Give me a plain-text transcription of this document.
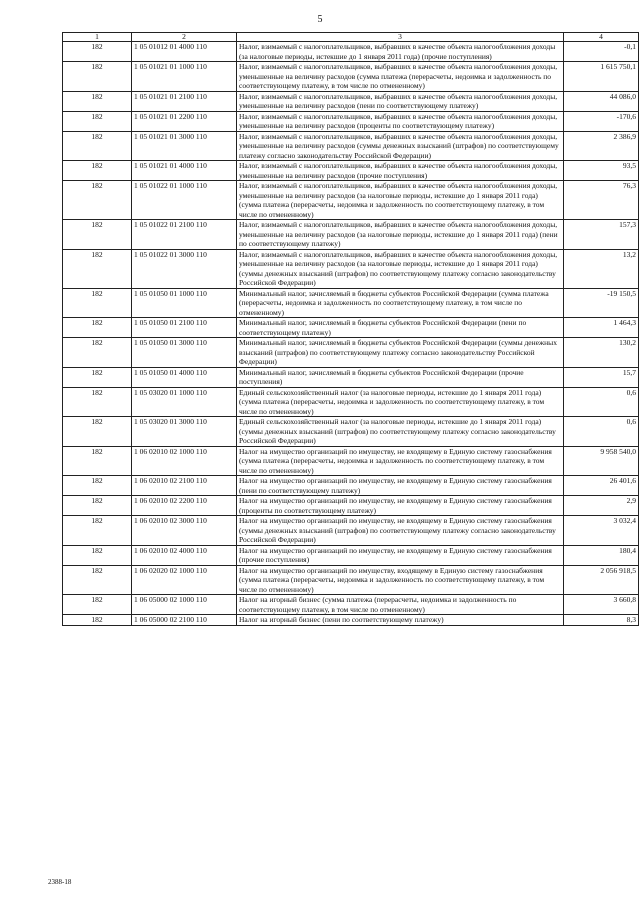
5
1	2	3	4
182	1 05 01012 01 4000 110	Налог, взимаемый с налогоплательщиков, выбравших в качестве объекта налогообложения доходы (за налоговые периоды, истекшие до 1 января 2011 года) (прочие поступления)	-0,1
182	1 05 01021 01 1000 110	Налог, взимаемый с налогоплательщиков, выбравших в качестве объекта налогообложения доходы, уменьшенные на величину расходов (сумма платежа (перерасчеты, недоимка и задолженность по соответствующему платежу, в том числе по отмененному)	1 615 750,1
182	1 05 01021 01 2100 110	Налог, взимаемый с налогоплательщиков, выбравших в качестве объекта налогообложения доходы, уменьшенные на величину расходов (пени по соответствующему платежу)	44 086,0
182	1 05 01021 01 2200 110	Налог, взимаемый с налогоплательщиков, выбравших в качестве объекта налогообложения доходы, уменьшенные на величину расходов (проценты по соответствующему платежу)	-170,6
182	1 05 01021 01 3000 110	Налог, взимаемый с налогоплательщиков, выбравших в качестве объекта налогообложения доходы, уменьшенные на величину расходов (суммы денежных взысканий (штрафов) по соответствующему платежу согласно законодательству Российской Федерации)	2 386,9
182	1 05 01021 01 4000 110	Налог, взимаемый с налогоплательщиков, выбравших в качестве объекта налогообложения доходы, уменьшенные на величину расходов (прочие поступления)	93,5
182	1 05 01022 01 1000 110	Налог, взимаемый с налогоплательщиков, выбравших в качестве объекта налогообложения доходы, уменьшенные на величину расходов (за налоговые периоды, истекшие до 1 января 2011 года) (сумма платежа (перерасчеты, недоимка и задолженность по соответствующему платежу, в том числе по отмененному)	76,3
182	1 05 01022 01 2100 110	Налог, взимаемый с налогоплательщиков, выбравших в качестве объекта налогообложения доходы, уменьшенные на величину расходов (за налоговые периоды, истекшие до 1 января 2011 года) (пени по соответствующему платежу)	157,3
182	1 05 01022 01 3000 110	Налог, взимаемый с налогоплательщиков, выбравших в качестве объекта налогообложения доходы, уменьшенные на величину расходов (за налоговые периоды, истекшие до 1 января 2011 года) (суммы денежных взысканий (штрафов) по соответствующему платежу согласно законодательству Российской Федерации)	13,2
182	1 05 01050 01 1000 110	Минимальный налог, зачисляемый в бюджеты субъектов Российской Федерации (сумма платежа (перерасчеты, недоимка и задолженность по соответствующему платежу, в том числе по отмененному)	-19 150,5
182	1 05 01050 01 2100 110	Минимальный налог, зачисляемый в бюджеты субъектов Российской Федерации (пени по соответствующему платежу)	1 464,3
182	1 05 01050 01 3000 110	Минимальный налог, зачисляемый в бюджеты субъектов Российской Федерации (суммы денежных взысканий (штрафов) по соответствующему платежу согласно законодательству Российской Федерации)	130,2
182	1 05 01050 01 4000 110	Минимальный налог, зачисляемый в бюджеты субъектов Российской Федерации (прочие поступления)	15,7
182	1 05 03020 01 1000 110	Единый сельскохозяйственный налог (за налоговые периоды, истекшие до 1 января 2011 года) (сумма платежа (перерасчеты, недоимка и задолженность по соответствующему платежу, в том числе по отмененному)	0,6
182	1 05 03020 01 3000 110	Единый сельскохозяйственный налог (за налоговые периоды, истекшие до 1 января 2011 года) (суммы денежных взысканий (штрафов) по соответствующему платежу согласно законодательству Российской Федерации)	0,6
182	1 06 02010 02 1000 110	Налог на имущество организаций по имуществу, не входящему в Единую систему газоснабжения (сумма платежа (перерасчеты, недоимка и задолженность по соответствующему платежу, в том числе по отмененному)	9 958 540,0
182	1 06 02010 02 2100 110	Налог на имущество организаций по имуществу, не входящему в Единую систему газоснабжения (пени по соответствующему платежу)	26 401,6
182	1 06 02010 02 2200 110	Налог на имущество организаций по имуществу, не входящему в Единую систему газоснабжения (проценты по соответствующему платежу)	2,9
182	1 06 02010 02 3000 110	Налог на имущество организаций по имуществу, не входящему в Единую систему газоснабжения (суммы денежных взысканий (штрафов) по соответствующему платежу согласно законодательству Российской Федерации)	3 032,4
182	1 06 02010 02 4000 110	Налог на имущество организаций по имуществу, не входящему в Единую систему газоснабжения (прочие поступления)	180,4
182	1 06 02020 02 1000 110	Налог на имущество организаций по имуществу, входящему в Единую систему газоснабжения (сумма платежа (перерасчеты, недоимка и задолженность по соответствующему платежу, в том числе по отмененному)	2 056 918,5
182	1 06 05000 02 1000 110	Налог на игорный бизнес (сумма платежа (перерасчеты, недоимка и задолженность по соответствующему платежу, в том числе по отмененному)	3 660,8
182	1 06 05000 02 2100 110	Налог на игорный бизнес (пени по соответствующему платежу)	8,3
2388-18
